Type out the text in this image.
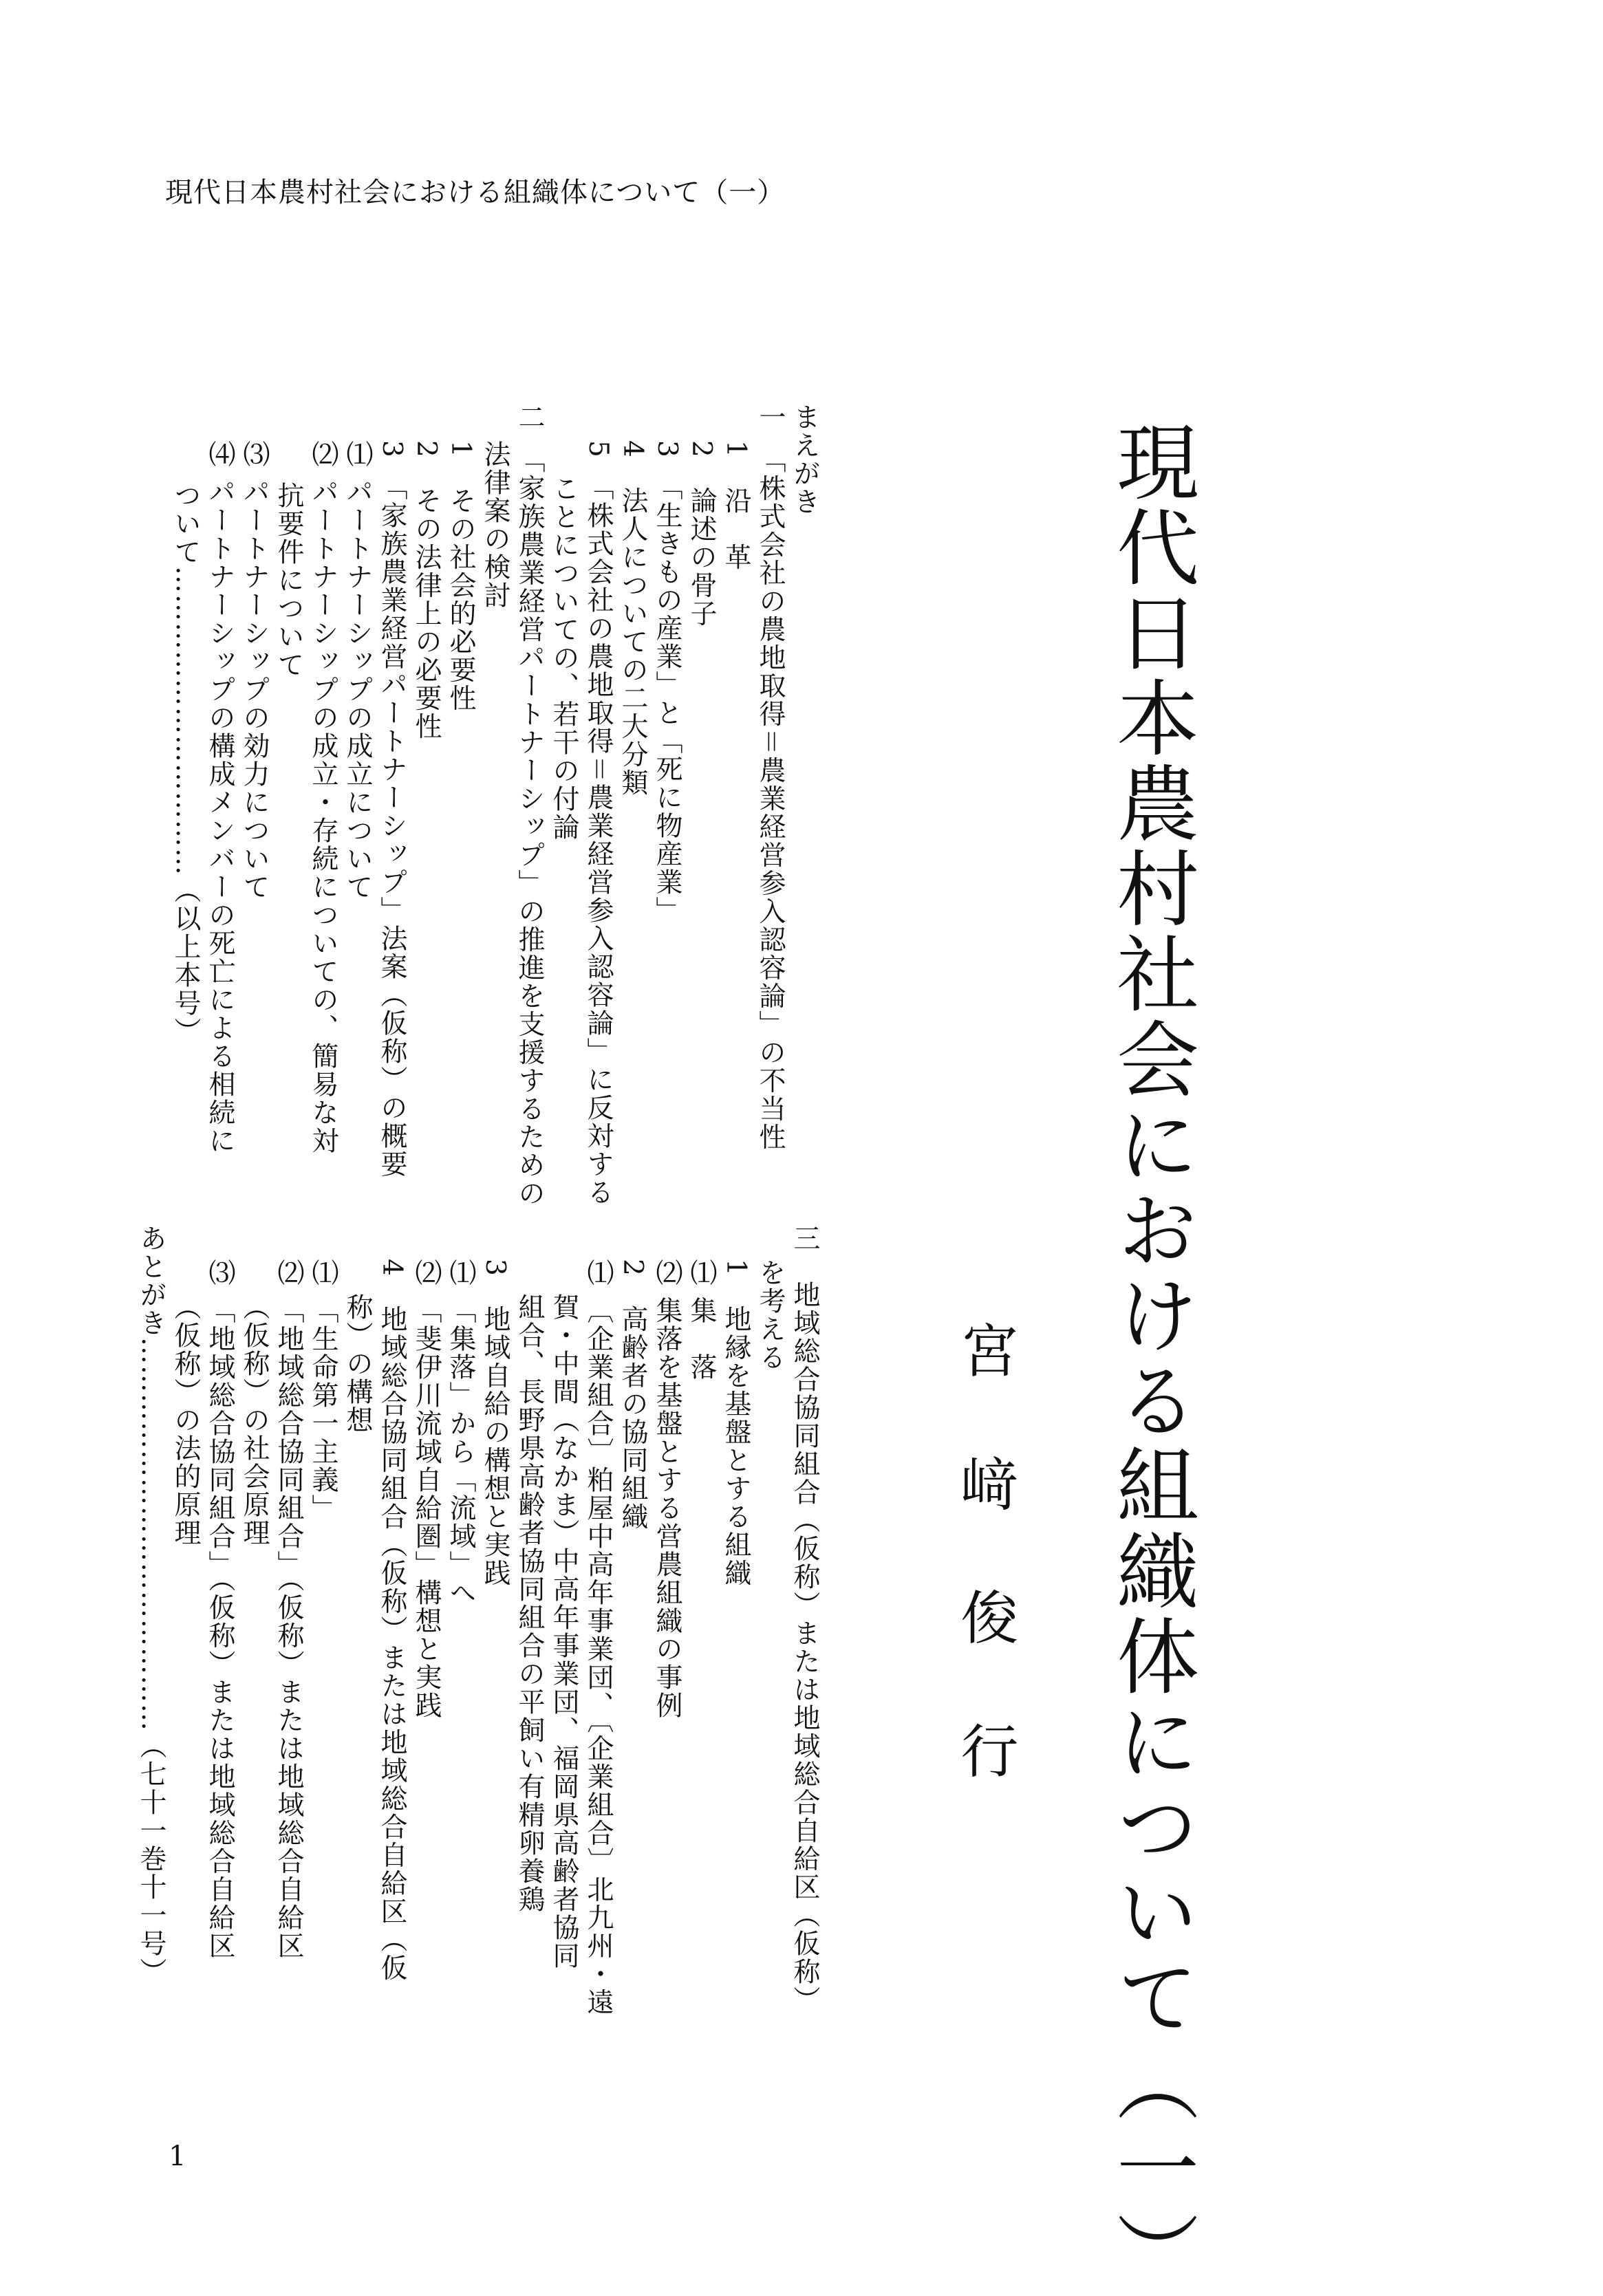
現代日本農村社会における組織体について（一）
現代日本農村社会における組織体について（一）
宮﨑俊行
まえがき
一　「株式会社の農地取得＝農業経営参入認容論」の不当性
1　沿　革
2　論述の骨子
3　「生きもの産業」と「死に物産業」
4　法人についての二大分類
5　「株式会社の農地取得＝農業経営参入認容論」に反対する
ことについての、若干の付論
二　「家族農業経営パートナーシップ」の推進を支援するための
法律案の検討
1　その社会的必要性
2　その法律上の必要性
3　「家族農業経営パートナーシップ」法案（仮称）の概要
⑴ パートナーシップの成立について
⑵ パートナーシップの成立・存続についての、簡易な対
抗要件について
⑶ パートナーシップの効力について
⑷ パートナーシップの構成メンバーの死亡による相続に
ついて……………………………（以上本号）
三　地域総合協同組合（仮称）または地域総合自給区（仮称）
を考える
1　地縁を基盤とする組織
⑴ 集　落
⑵ 集落を基盤とする営農組織の事例
2　高齢者の協同組織
⑴ 〔企業組合〕粕屋中高年事業団、〔企業組合〕北九州・遠
賀・中間（なかま）中高年事業団、福岡県高齢者協同
組合、長野県高齢者協同組合の平飼い有精卵養鶏
3　地域自給の構想と実践
⑴ 「集落」から「流域」へ
⑵ 「斐伊川流域自給圏」構想と実践
4　地域総合協同組合（仮称）または地域総合自給区（仮
称）の構想
⑴ 「生命第一主義」
⑵ 「地域総合協同組合」（仮称）または地域総合自給区
（仮称）の社会原理
⑶ 「地域総合協同組合」（仮称）または地域総合自給区
（仮称）の法的原理
あとがき……………………………………（七十一巻十一号）
1
